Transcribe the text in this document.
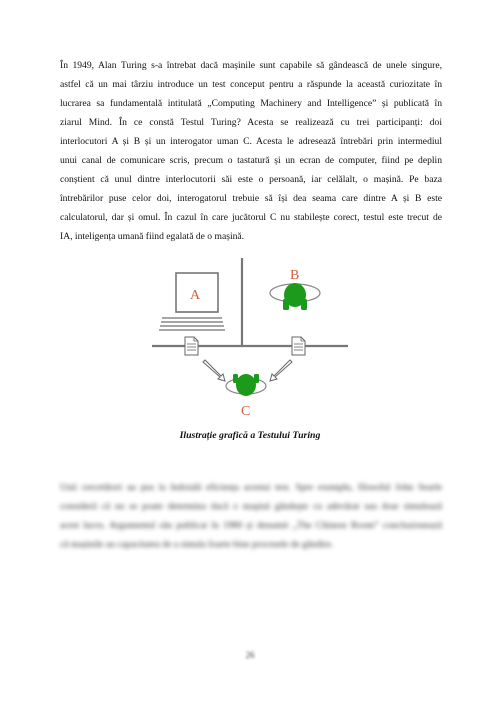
În 1949, Alan Turing s-a întrebat dacă mașinile sunt capabile să gândească de unele singure,
astfel că un mai târziu introduce un test conceput pentru a răspunde la această curiozitate în
lucrarea sa fundamentală intitulată „Computing Machinery and Intelligence” și publicată în
ziarul Mind. În ce constă Testul Turing? Acesta se realizează cu trei participanți: doi
interlocutori A și B și un interogator uman C. Acesta le adresează întrebări prin intermediul
unui canal de comunicare scris, precum o tastatură și un ecran de computer, fiind pe deplin
conștient că unul dintre interlocutorii săi este o persoană, iar celălalt, o mașină. Pe baza
întrebărilor puse celor doi, interogatorul trebuie să își dea seama care dintre A și B este
calculatorul, dar și omul. În cazul în care jucătorul C nu stabilește corect, testul este trecut de
IA, inteligența umană fiind egalată de o mașină.
A
B
C

Ilustrație grafică a Testului Turing

Unii cercetători au pus la îndoială eficiența acestui test. Spre exemplu, filosoful John Searle
considerã cã nu se poate determina dacã o maşinã gândeşte cu adevărat sau doar simulează
acest lucru. Argumentul său publicat în 1980 și denumit „The Chinese Room” concluzionează
că mașinile au capacitatea de a simula foarte bine procesele de gândire.
26
